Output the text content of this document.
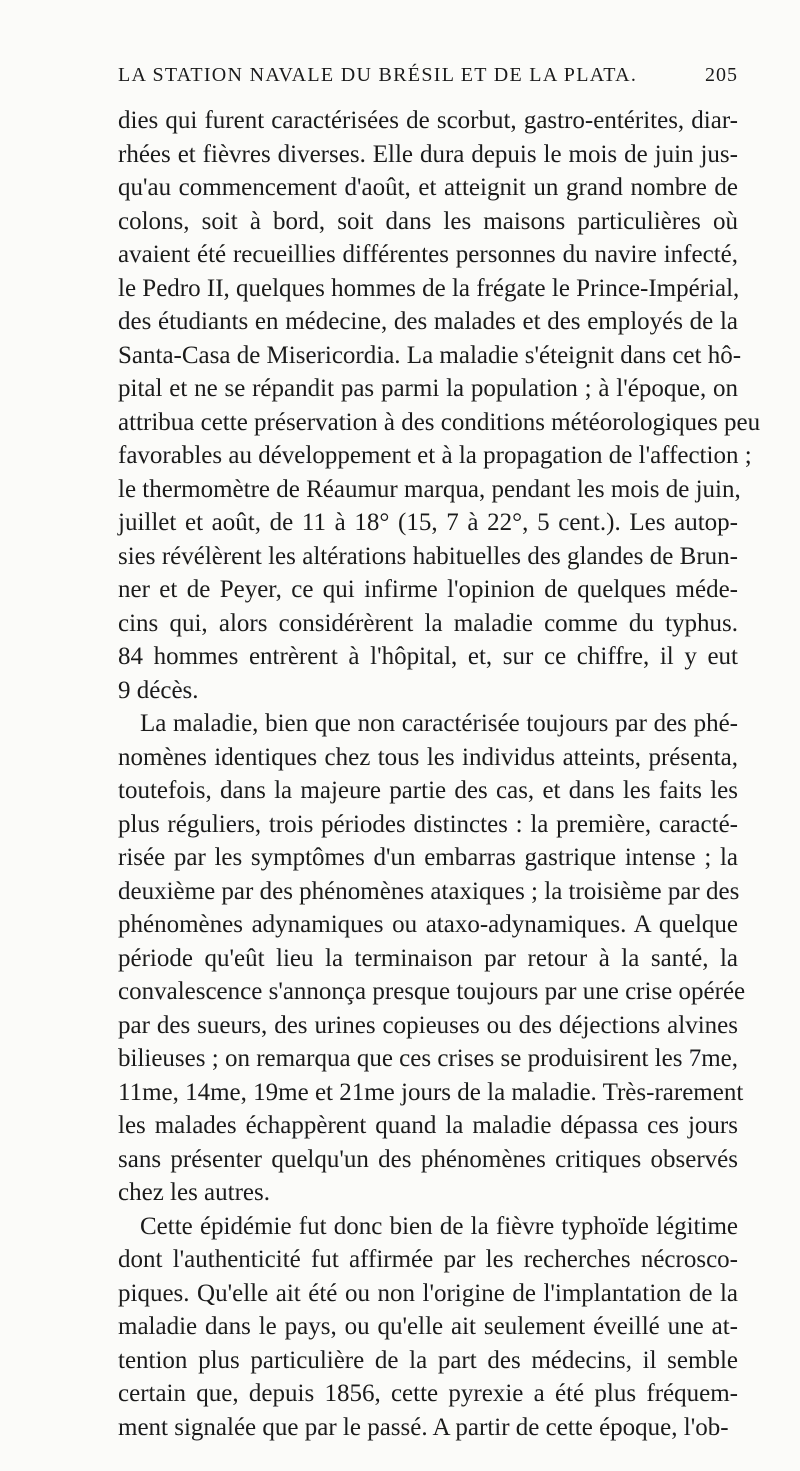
LA STATION NAVALE DU BRÉSIL ET DE LA PLATA.	205
dies qui furent caractérisées de scorbut, gastro-entérites, diar-
rhées et fièvres diverses. Elle dura depuis le mois de juin jus-
qu'au commencement d'août, et atteignit un grand nombre de
colons, soit à bord, soit dans les maisons particulières où
avaient été recueillies différentes personnes du navire infecté,
le Pedro II, quelques hommes de la frégate le Prince-Impérial,
des étudiants en médecine, des malades et des employés de la
Santa-Casa de Misericordia. La maladie s'éteignit dans cet hô-
pital et ne se répandit pas parmi la population ; à l'époque, on
attribua cette préservation à des conditions météorologiques peu
favorables au développement et à la propagation de l'affection ;
le thermomètre de Réaumur marqua, pendant les mois de juin,
juillet et août, de 11 à 18° (15, 7 à 22°, 5 cent.). Les autop-
sies révélèrent les altérations habituelles des glandes de Brun-
ner et de Peyer, ce qui infirme l'opinion de quelques méde-
cins qui, alors considérèrent la maladie comme du typhus.
84 hommes entrèrent à l'hôpital, et, sur ce chiffre, il y eut
9 décès.
La maladie, bien que non caractérisée toujours par des phé-
nomènes identiques chez tous les individus atteints, présenta,
toutefois, dans la majeure partie des cas, et dans les faits les
plus réguliers, trois périodes distinctes : la première, caracté-
risée par les symptômes d'un embarras gastrique intense ; la
deuxième par des phénomènes ataxiques ; la troisième par des
phénomènes adynamiques ou ataxo-adynamiques. A quelque
période qu'eût lieu la terminaison par retour à la santé, la
convalescence s'annonça presque toujours par une crise opérée
par des sueurs, des urines copieuses ou des déjections alvines
bilieuses ; on remarqua que ces crises se produisirent les 7me,
11me, 14me, 19me et 21me jours de la maladie. Très-rarement
les malades échappèrent quand la maladie dépassa ces jours
sans présenter quelqu'un des phénomènes critiques observés
chez les autres.
Cette épidémie fut donc bien de la fièvre typhoïde légitime
dont l'authenticité fut affirmée par les recherches nécrosco-
piques. Qu'elle ait été ou non l'origine de l'implantation de la
maladie dans le pays, ou qu'elle ait seulement éveillé une at-
tention plus particulière de la part des médecins, il semble
certain que, depuis 1856, cette pyrexie a été plus fréquem-
ment signalée que par le passé. A partir de cette époque, l'ob-
